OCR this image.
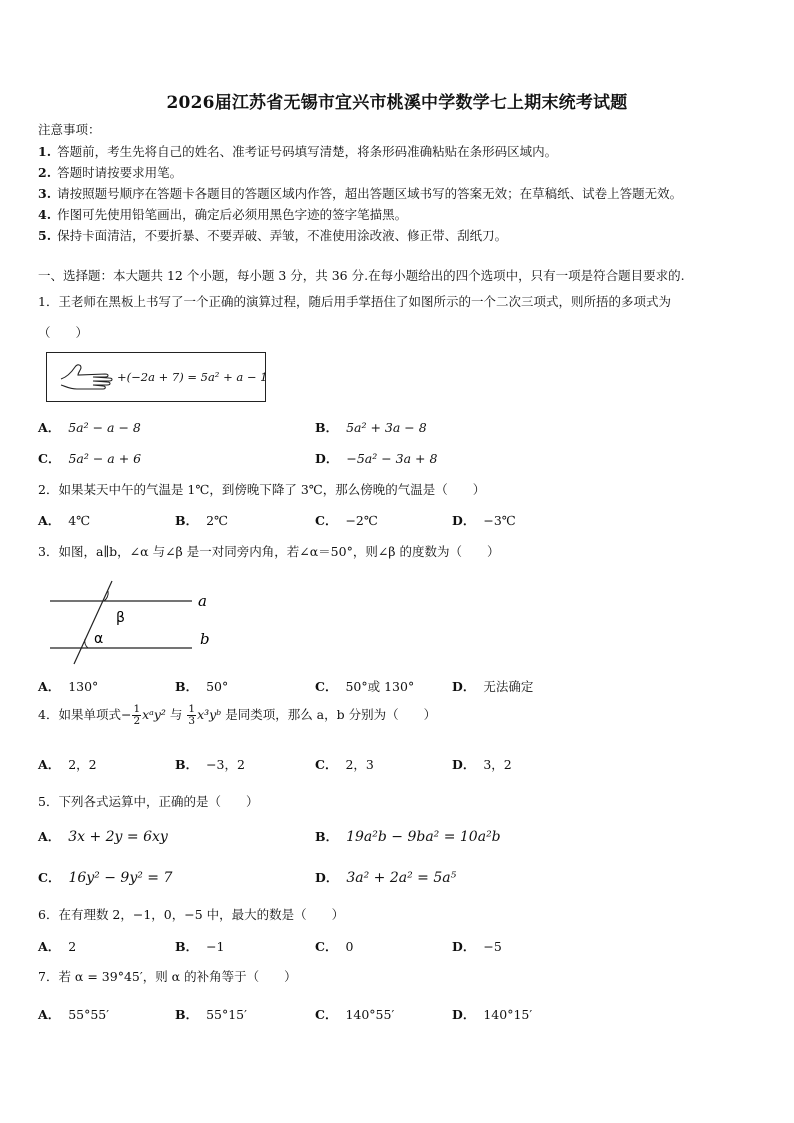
2026届江苏省无锡市宜兴市桃溪中学数学七上期末统考试题
注意事项：
1. 答题前，考生先将自己的姓名、准考证号码填写清楚，将条形码准确粘贴在条形码区域内。
2. 答题时请按要求用笔。
3. 请按照题号顺序在答题卡各题目的答题区域内作答，超出答题区域书写的答案无效；在草稿纸、试卷上答题无效。
4. 作图可先使用铅笔画出，确定后必须用黑色字迹的签字笔描黑。
5. 保持卡面清洁，不要折暴、不要弄破、弄皱，不准使用涂改液、修正带、刮纸刀。
一、选择题：本大题共 12 个小题，每小题 3 分，共 36 分.在每小题给出的四个选项中，只有一项是符合题目要求的.
1．王老师在黑板上书写了一个正确的演算过程，随后用手掌捂住了如图所示的一个二次三项式，则所捂的多项式为
（　　）
+(−2a + 7) = 5a² + a − 1
A． 5a² − a − 8	B． 5a² + 3a − 8
C． 5a² − a + 6	D． −5a² − 3a + 8
2．如果某天中午的气温是 1℃，到傍晚下降了 3℃，那么傍晚的气温是（　　）
A． 4℃	B． 2℃	C． −2℃	D． −3℃
3．如图，a∥b，∠α 与∠β 是一对同旁内角，若∠α＝50°，则∠β 的度数为（　　）
β
α
a
b
A． 130°	B． 50°	C． 50°或 130°	D． 无法确定
4．如果单项式− $\frac{1}{2}$ xᵃy² 与 $\frac{1}{3}$ x³yᵇ 是同类项，那么 a，b 分别为（　　）
A． 2，2	B． −3，2	C． 2，3	D． 3，2
5．下列各式运算中，正确的是（　　）
A． 3x + 2y = 6xy	B． 19a²b − 9ba² = 10a²b
C． 16y² − 9y² = 7	D． 3a² + 2a² = 5a⁵
6．在有理数 2，−1，0，−5 中，最大的数是（　　）
A． 2	B． −1	C． 0	D． −5
7．若 α = 39°45′，则 α 的补角等于（　　）
A． 55°55′	B． 55°15′	C． 140°55′	D． 140°15′
